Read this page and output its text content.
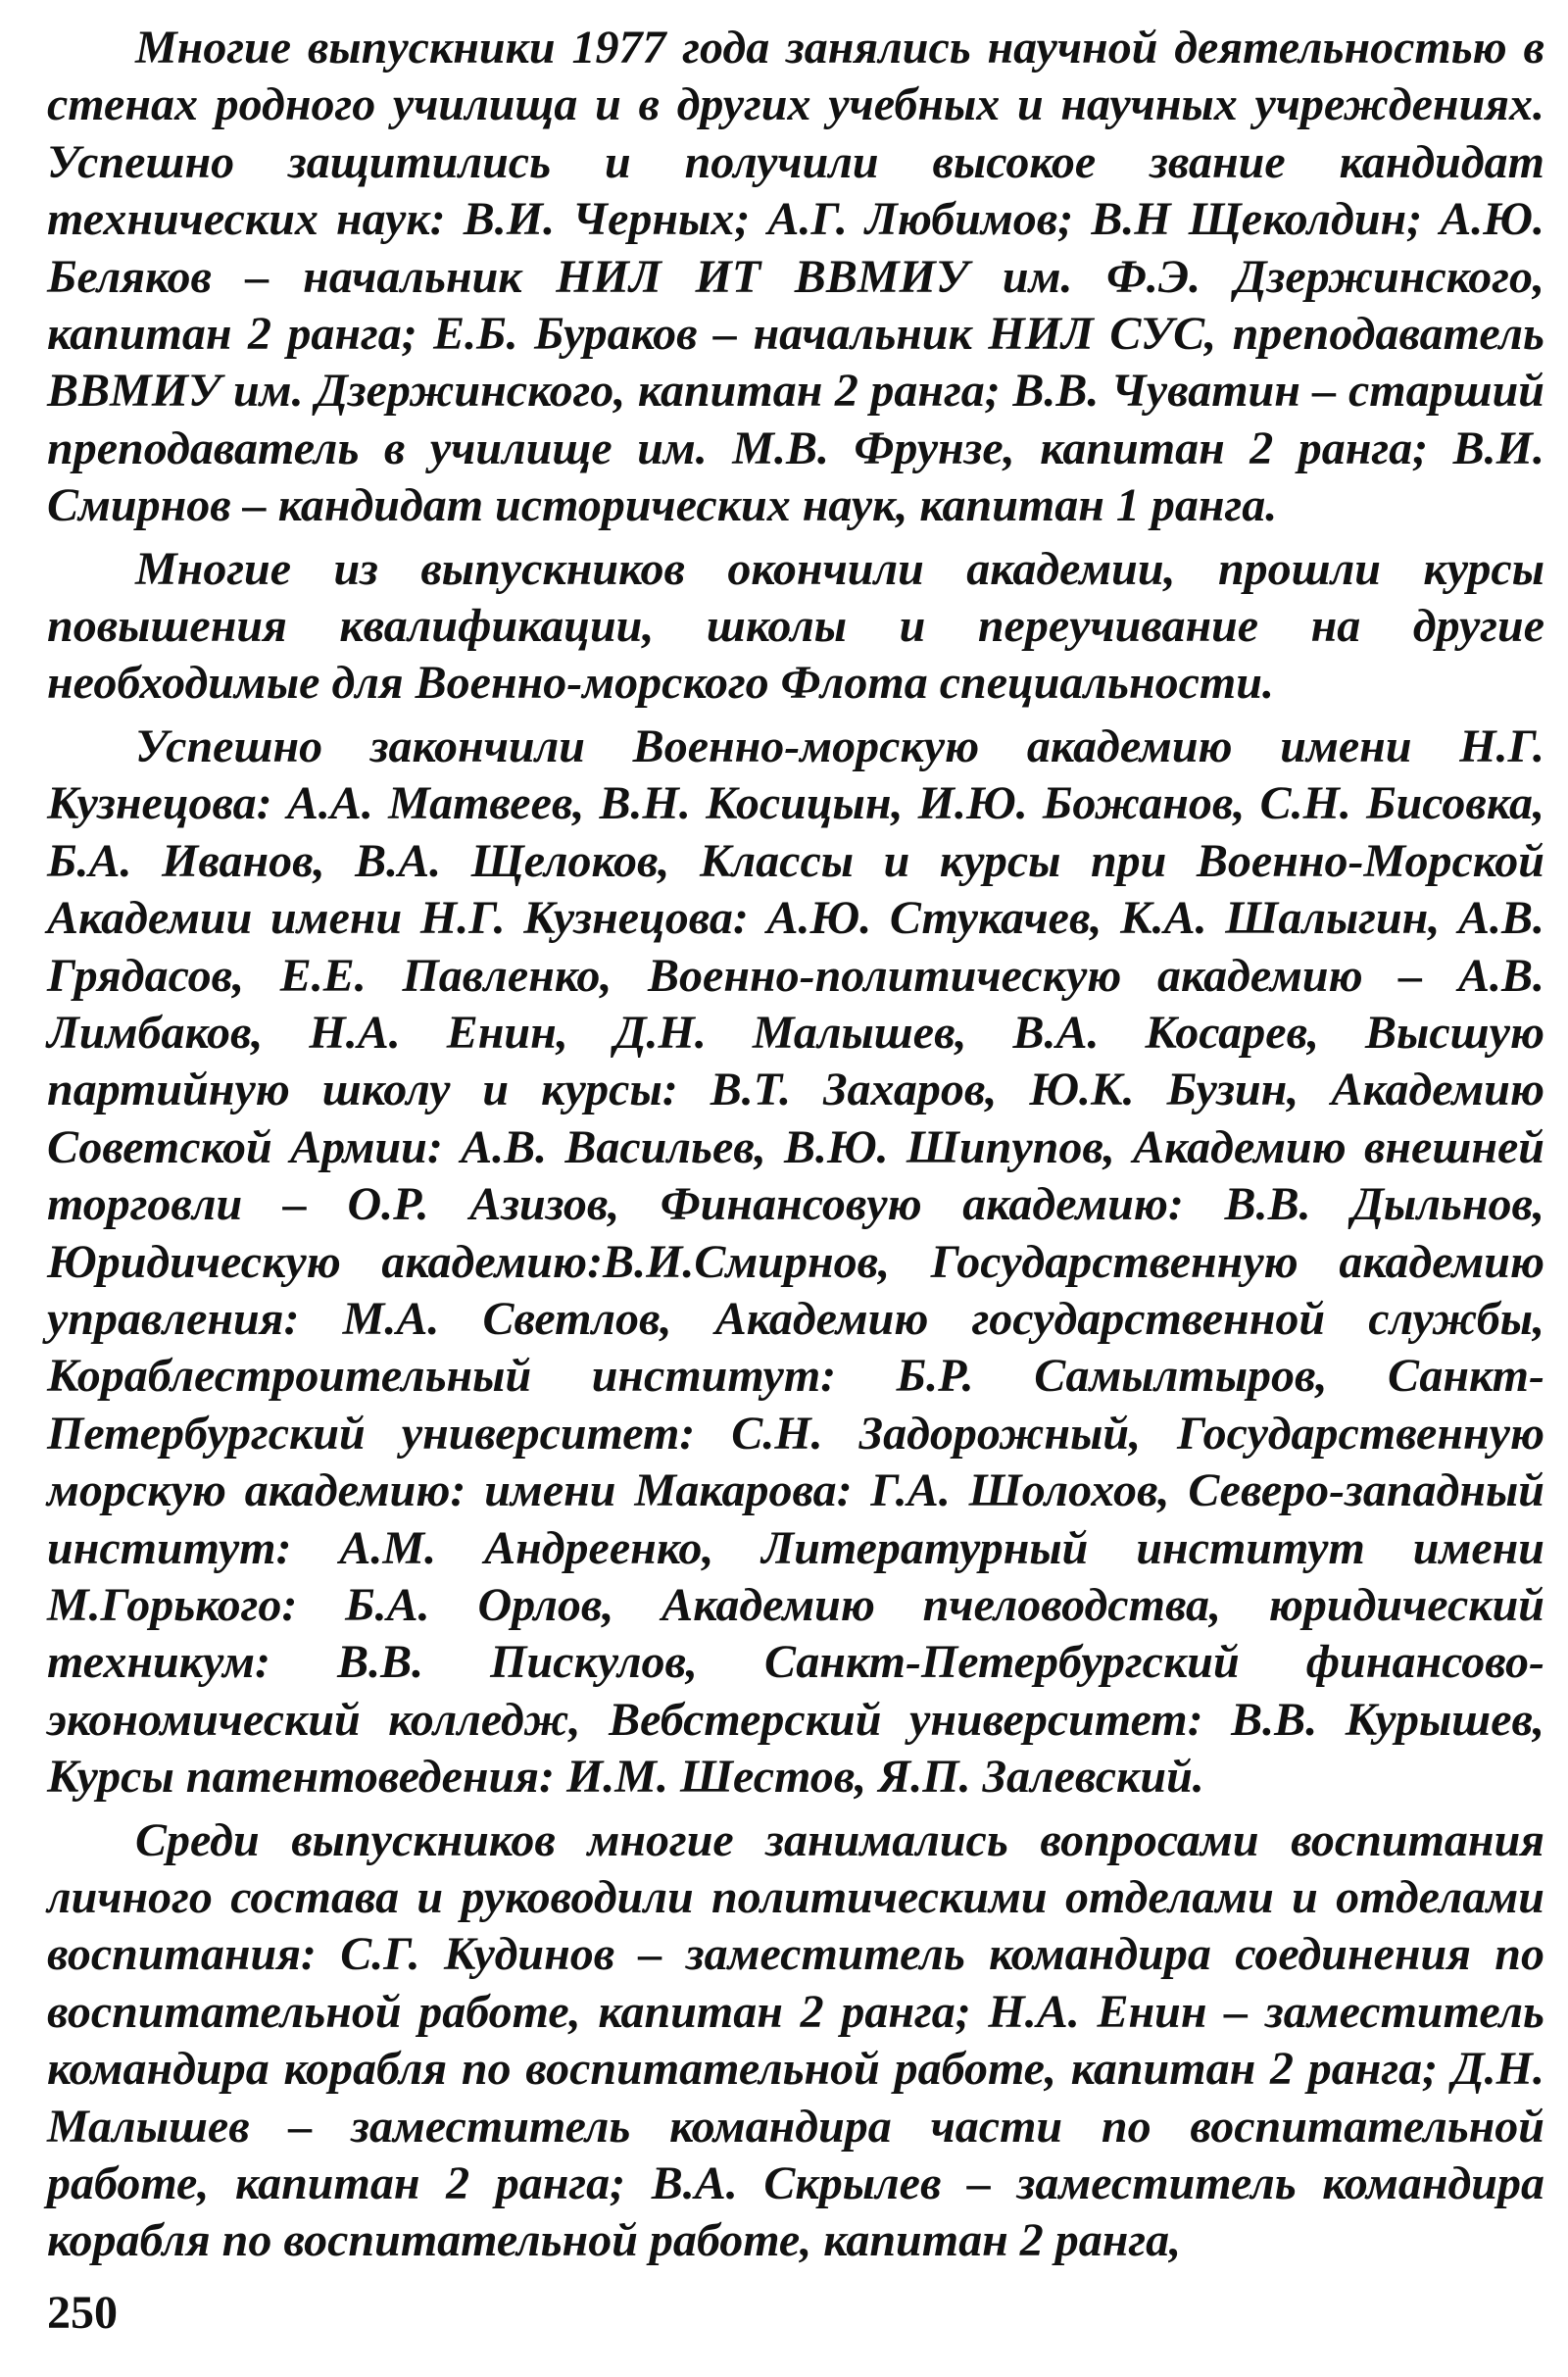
Многие выпускники 1977 года занялись научной деятельностью в стенах родного училища и в других учебных и научных учреждениях. Успешно защитились и получили высокое звание кандидат технических наук: В.И. Черных; А.Г. Любимов; В.Н Щеколдин; А.Ю. Беляков – начальник НИЛ ИТ ВВМИУ им. Ф.Э. Дзержинского, капитан 2 ранга; Е.Б. Бураков – начальник НИЛ СУС, преподаватель ВВМИУ им. Дзержинского, капитан 2 ранга; В.В. Чуватин – старший преподаватель в училище им. М.В. Фрунзе, капитан 2 ранга; В.И. Смирнов – кандидат исторических наук, капитан 1 ранга.

Многие из выпускников окончили академии, прошли курсы повышения квалификации, школы и переучивание на другие необходимые для Военно-морского Флота специальности.

Успешно закончили Военно-морскую академию имени Н.Г. Кузнецова: А.А. Матвеев, В.Н. Косицын, И.Ю. Божанов, С.Н. Бисовка, Б.А. Иванов, В.А. Щелоков, Классы и курсы при Военно-Морской Академии имени Н.Г. Кузнецова: А.Ю. Стукачев, К.А. Шалыгин, А.В. Грядасов, Е.Е. Павленко, Военно-политическую академию – А.В. Лимбаков, Н.А. Енин, Д.Н. Малышев, В.А. Косарев, Высшую партийную школу и курсы: В.Т. Захаров, Ю.К. Бузин, Академию Советской Армии: А.В. Васильев, В.Ю. Шипупов, Академию внешней торговли – О.Р. Азизов, Финансовую академию: В.В. Дыльнов, Юридическую академию:В.И.Смирнов, Государственную академию управления: М.А. Светлов, Академию государственной службы, Кораблестроительный институт: Б.Р. Самылтыров, Санкт-Петербургский университет: С.Н. Задорожный, Государственную морскую академию: имени Макарова: Г.А. Шолохов, Северо-западный институт: А.М. Андреенко, Литературный институт имени М.Горького: Б.А. Орлов, Академию пчеловодства, юридический техникум: В.В. Пискулов, Санкт-Петербургский финансово-экономический колледж, Вебстерский университет: В.В. Курышев, Курсы патентоведения: И.М. Шестов, Я.П. Залевский.

Среди выпускников многие занимались вопросами воспитания личного состава и руководили политическими отделами и отделами воспитания: С.Г. Кудинов – заместитель командира соединения по воспитательной работе, капитан 2 ранга; Н.А. Енин – заместитель командира корабля по воспитательной работе, капитан 2 ранга; Д.Н. Малышев – заместитель командира части по воспитательной работе, капитан 2 ранга; В.А. Скрылев – заместитель командира корабля по воспитательной работе, капитан 2 ранга,

250
